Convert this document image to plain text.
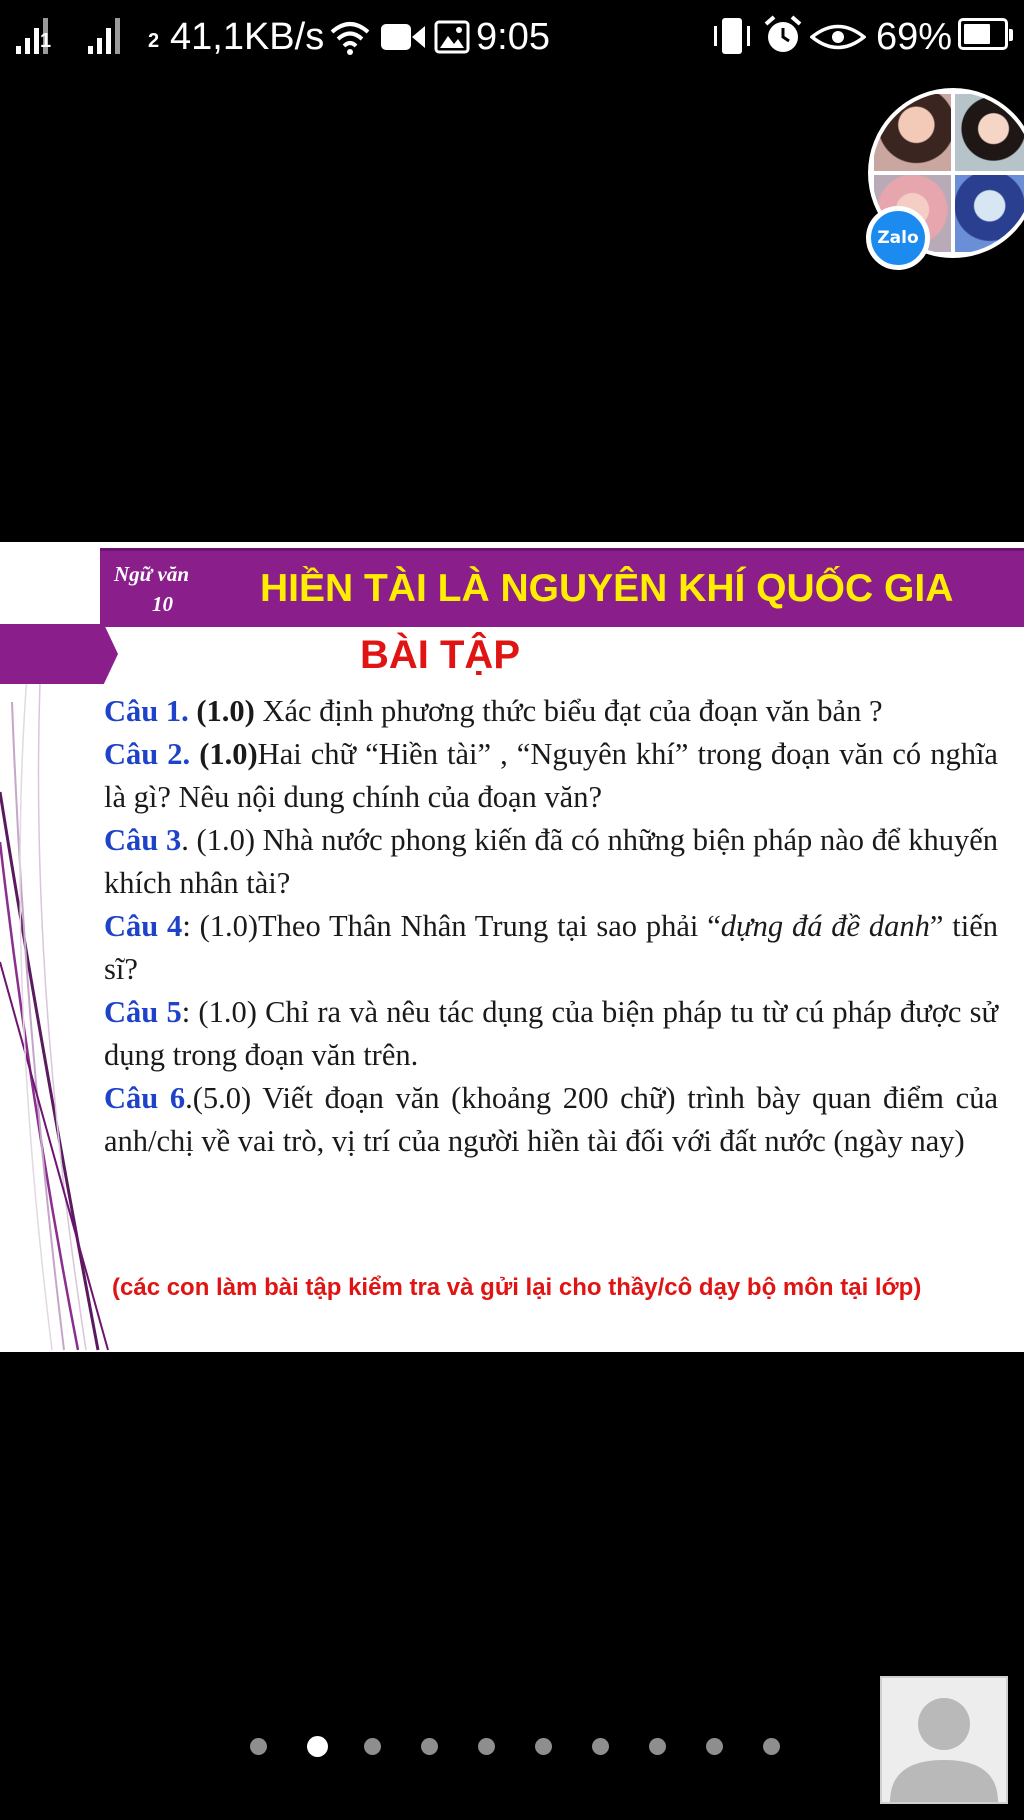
1	2 41,1KB/s	9:05	69%
Zalo
Ngữ văn
10	HIỀN TÀI LÀ NGUYÊN KHÍ QUỐC GIA
BÀI TẬP

Câu 1. (1.0) Xác định phương thức biểu đạt của đoạn văn bản ?

Câu 2. (1.0)Hai chữ “Hiền tài” , “Nguyên khí” trong đoạn văn có nghĩa là gì? Nêu nội dung chính của đoạn văn?

Câu 3. (1.0) Nhà nước phong kiến đã có những biện pháp nào để khuyến khích nhân tài?

Câu 4: (1.0)Theo Thân Nhân Trung tại sao phải “dựng đá đề danh” tiến sĩ?

Câu 5: (1.0) Chỉ ra và nêu tác dụng của biện pháp tu từ cú pháp được sử dụng trong đoạn văn trên.

Câu 6.(5.0) Viết đoạn văn (khoảng 200 chữ) trình bày quan điểm của anh/chị về vai trò, vị trí của người hiền tài đối với đất nước (ngày nay)

(các con làm bài tập kiểm tra và gửi lại cho thầy/cô dạy bộ môn tại lớp)
